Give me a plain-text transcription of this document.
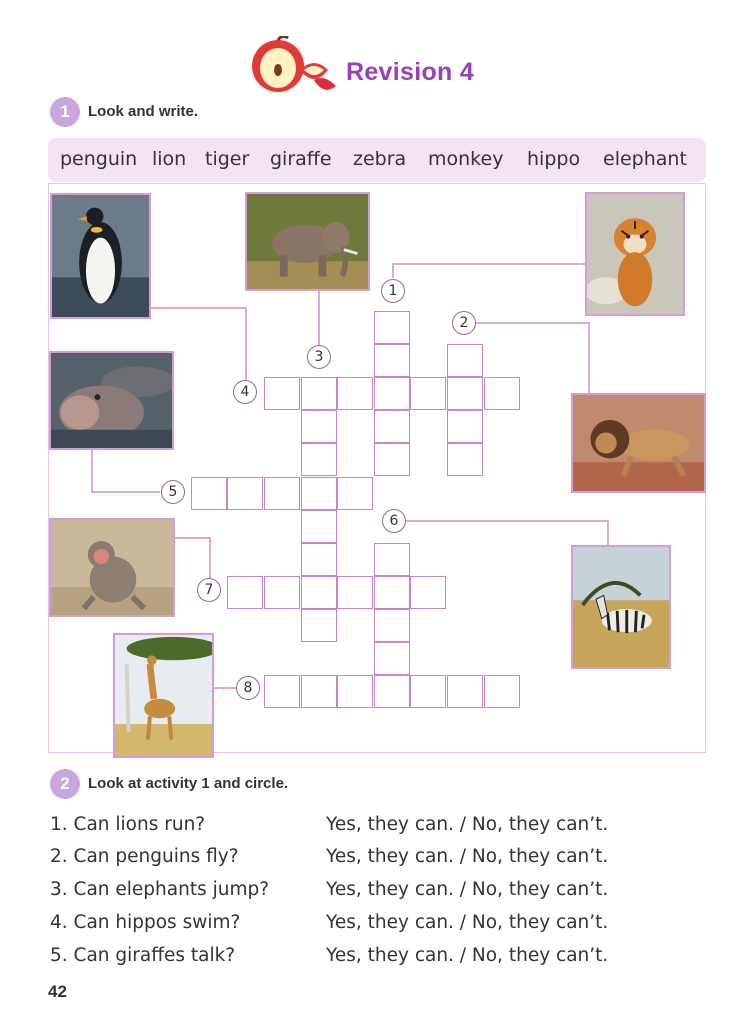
Revision 4
1	Look and write.
penguin lion tiger giraffe zebra monkey hippo elephant
1
2
3
4
5
6
7
8
2	Look at activity 1 and circle.
1. Can lions run?	Yes, they can. / No, they can’t.
2. Can penguins fly?	Yes, they can. / No, they can’t.
3. Can elephants jump?	Yes, they can. / No, they can’t.
4. Can hippos swim?	Yes, they can. / No, they can’t.
5. Can giraffes talk?	Yes, they can. / No, they can’t.
42
